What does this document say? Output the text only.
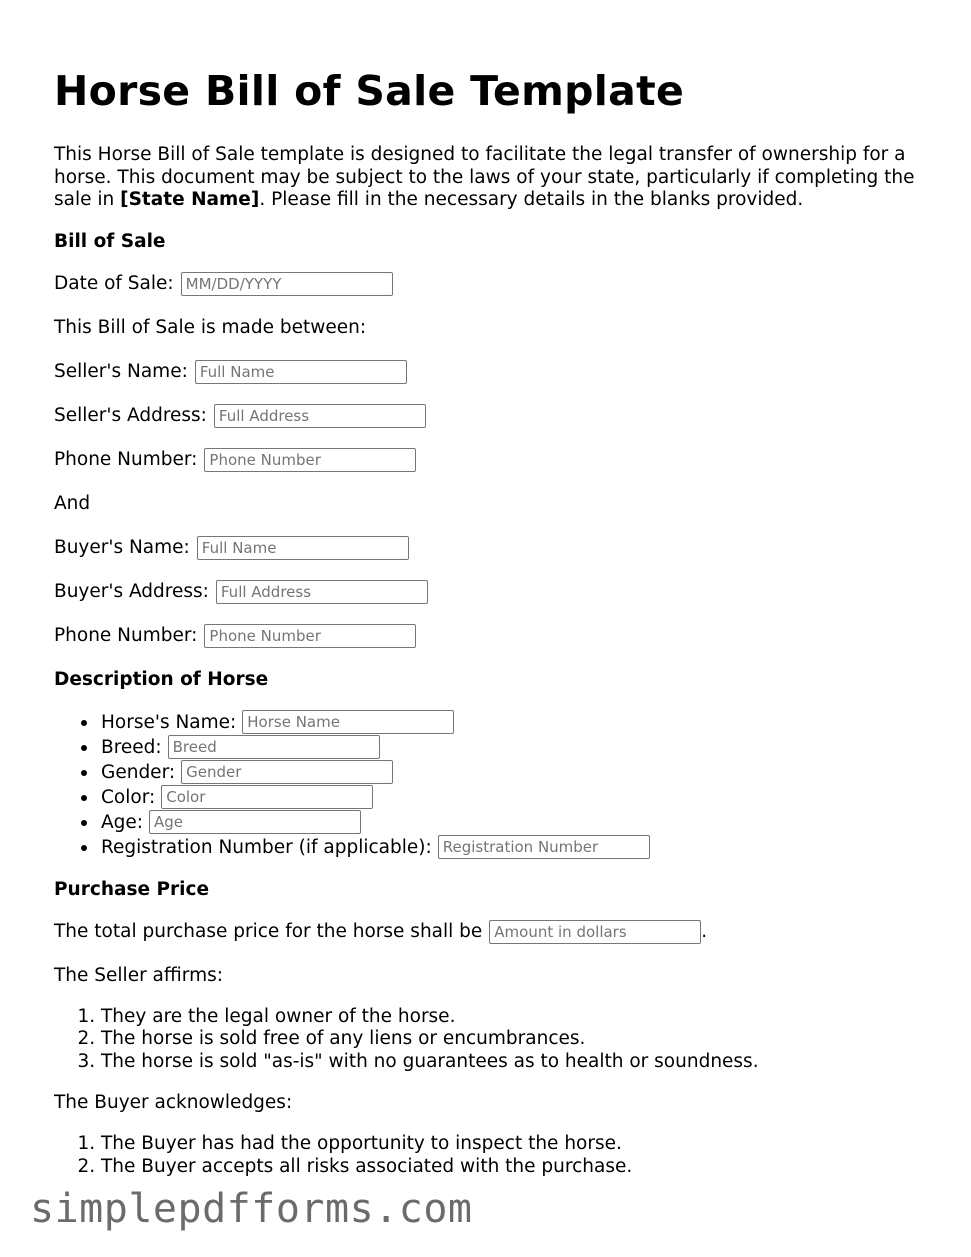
Horse Bill of Sale Template

This Horse Bill of Sale template is designed to facilitate the legal transfer of ownership for a horse. This document may be subject to the laws of your state, particularly if completing the sale in [State Name]. Please fill in the necessary details in the blanks provided.

Bill of Sale
Date of Sale:
MM/DD/YYYY
This Bill of Sale is made between:
Seller's Name:
Full Name
Seller's Address:
Full Address
Phone Number:
Phone Number
And
Buyer's Name:
Full Name
Buyer's Address:
Full Address
Phone Number:
Phone Number
Description of Horse
Horse's Name:
Horse Name
Breed:
Breed
Gender:
Gender
Color:
Color
Age:
Age
Registration Number (if applicable):
Registration Number
Purchase Price
The total purchase price for the horse shall be
Amount in dollars	.
The Seller affirms:
1. They are the legal owner of the horse.
2. The horse is sold free of any liens or encumbrances.
3. The horse is sold "as-is" with no guarantees as to health or soundness.
The Buyer acknowledges:
1. The Buyer has had the opportunity to inspect the horse.
2. The Buyer accepts all risks associated with the purchase.
simplepdfforms.com
